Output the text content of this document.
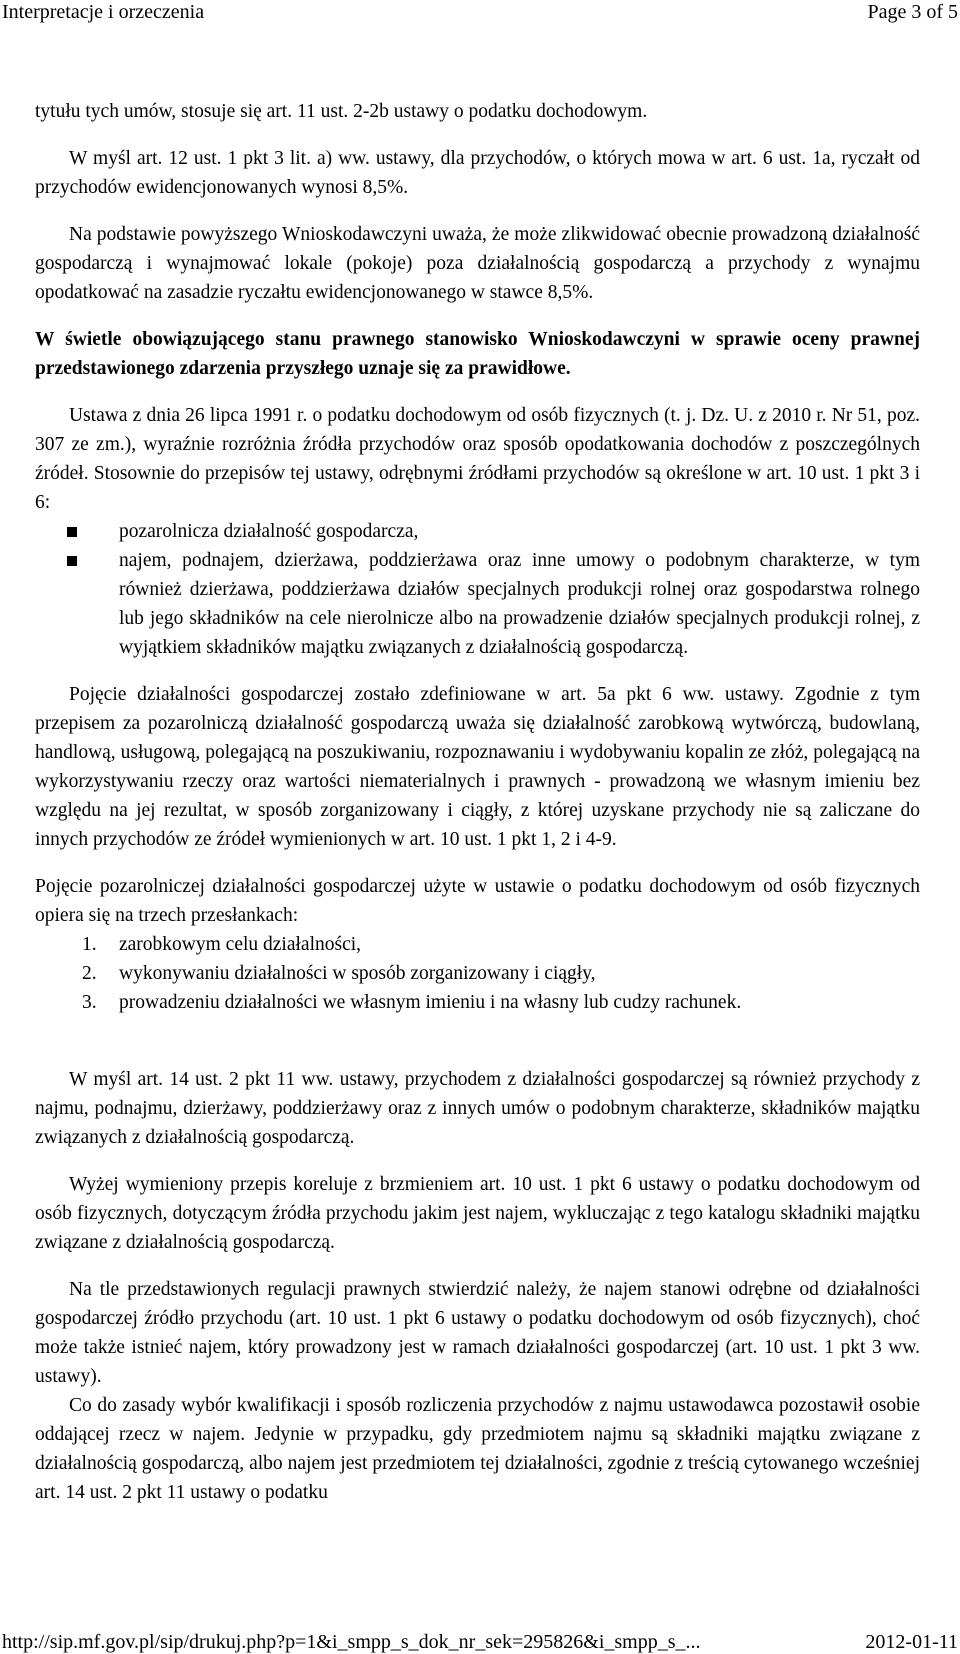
Interpretacje i orzeczenia	Page 3 of 5

tytułu tych umów, stosuje się art. 11 ust. 2-2b ustawy o podatku dochodowym.

W myśl art. 12 ust. 1 pkt 3 lit. a) ww. ustawy, dla przychodów, o których mowa w art. 6 ust. 1a, ryczałt od przychodów ewidencjonowanych wynosi 8,5%.

Na podstawie powyższego Wnioskodawczyni uważa, że może zlikwidować obecnie prowadzoną działalność gospodarczą i wynajmować lokale (pokoje) poza działalnością gospodarczą a przychody z wynajmu opodatkować na zasadzie ryczałtu ewidencjonowanego w stawce 8,5%.

W świetle obowiązującego stanu prawnego stanowisko Wnioskodawczyni w sprawie oceny prawnej przedstawionego zdarzenia przyszłego uznaje się za prawidłowe.

Ustawa z dnia 26 lipca 1991 r. o podatku dochodowym od osób fizycznych (t. j. Dz. U. z 2010 r. Nr 51, poz. 307 ze zm.), wyraźnie rozróżnia źródła przychodów oraz sposób opodatkowania dochodów z poszczególnych źródeł. Stosownie do przepisów tej ustawy, odrębnymi źródłami przychodów są określone w art. 10 ust. 1 pkt 3 i 6:

pozarolnicza działalność gospodarcza,
najem, podnajem, dzierżawa, poddzierżawa oraz inne umowy o podobnym charakterze, w tym również dzierżawa, poddzierżawa działów specjalnych produkcji rolnej oraz gospodarstwa rolnego lub jego składników na cele nierolnicze albo na prowadzenie działów specjalnych produkcji rolnej, z wyjątkiem składników majątku związanych z działalnością gospodarczą.

Pojęcie działalności gospodarczej zostało zdefiniowane w art. 5a pkt 6 ww. ustawy. Zgodnie z tym przepisem za pozarolniczą działalność gospodarczą uważa się działalność zarobkową wytwórczą, budowlaną, handlową, usługową, polegającą na poszukiwaniu, rozpoznawaniu i wydobywaniu kopalin ze złóż, polegającą na wykorzystywaniu rzeczy oraz wartości niematerialnych i prawnych - prowadzoną we własnym imieniu bez względu na jej rezultat, w sposób zorganizowany i ciągły, z której uzyskane przychody nie są zaliczane do innych przychodów ze źródeł wymienionych w art. 10 ust. 1 pkt 1, 2 i 4-9.

Pojęcie pozarolniczej działalności gospodarczej użyte w ustawie o podatku dochodowym od osób fizycznych opiera się na trzech przesłankach:

1. zarobkowym celu działalności,
2. wykonywaniu działalności w sposób zorganizowany i ciągły,
3. prowadzeniu działalności we własnym imieniu i na własny lub cudzy rachunek.

W myśl art. 14 ust. 2 pkt 11 ww. ustawy, przychodem z działalności gospodarczej są również przychody z najmu, podnajmu, dzierżawy, poddzierżawy oraz z innych umów o podobnym charakterze, składników majątku związanych z działalnością gospodarczą.

Wyżej wymieniony przepis koreluje z brzmieniem art. 10 ust. 1 pkt 6 ustawy o podatku dochodowym od osób fizycznych, dotyczącym źródła przychodu jakim jest najem, wykluczając z tego katalogu składniki majątku związane z działalnością gospodarczą.

Na tle przedstawionych regulacji prawnych stwierdzić należy, że najem stanowi odrębne od działalności gospodarczej źródło przychodu (art. 10 ust. 1 pkt 6 ustawy o podatku dochodowym od osób fizycznych), choć może także istnieć najem, który prowadzony jest w ramach działalności gospodarczej (art. 10 ust. 1 pkt 3 ww. ustawy).

Co do zasady wybór kwalifikacji i sposób rozliczenia przychodów z najmu ustawodawca pozostawił osobie oddającej rzecz w najem. Jedynie w przypadku, gdy przedmiotem najmu są składniki majątku związane z działalnością gospodarczą, albo najem jest przedmiotem tej działalności, zgodnie z treścią cytowanego wcześniej art. 14 ust. 2 pkt 11 ustawy o podatku

http://sip.mf.gov.pl/sip/drukuj.php?p=1&i_smpp_s_dok_nr_sek=295826&i_smpp_s_...	2012-01-11
